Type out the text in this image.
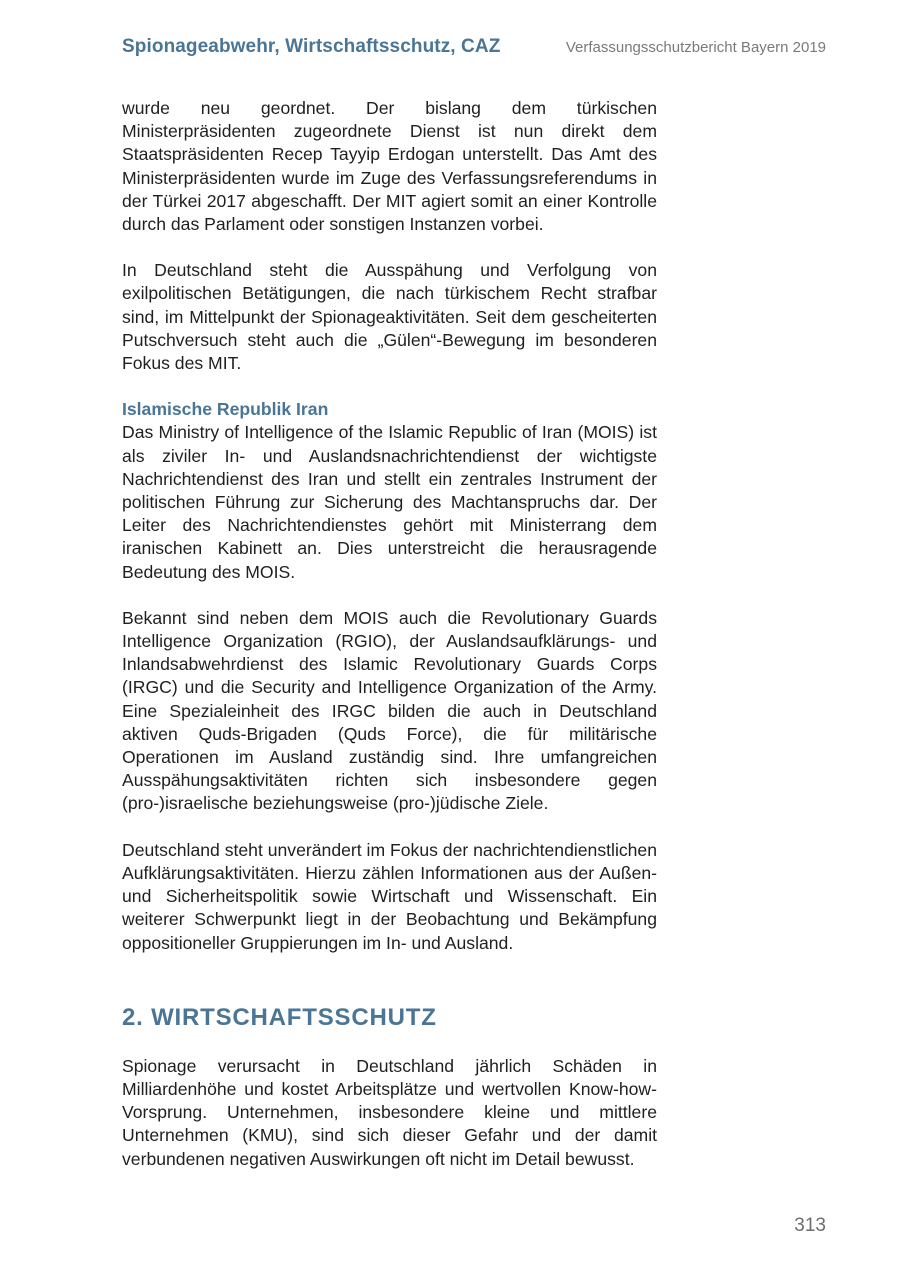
Spionageabwehr, Wirtschaftsschutz, CAZ	Verfassungsschutzbericht Bayern 2019

wurde neu geordnet. Der bislang dem türkischen Ministerpräsidenten zugeordnete Dienst ist nun direkt dem Staatspräsidenten Recep Tayyip Erdogan unterstellt. Das Amt des Ministerpräsidenten wurde im Zuge des Verfassungsreferendums in der Türkei 2017 abgeschafft. Der MIT agiert somit an einer Kontrolle durch das Parlament oder sonstigen Instanzen vorbei.

In Deutschland steht die Ausspähung und Verfolgung von exilpolitischen Betätigungen, die nach türkischem Recht strafbar sind, im Mittelpunkt der Spionageaktivitäten. Seit dem gescheiterten Putschversuch steht auch die „Gülen“-Bewegung im besonderen Fokus des MIT.

Islamische Republik Iran

Das Ministry of Intelligence of the Islamic Republic of Iran (MOIS) ist als ziviler In- und Auslandsnachrichtendienst der wichtigste Nachrichtendienst des Iran und stellt ein zentrales Instrument der politischen Führung zur Sicherung des Machtanspruchs dar. Der Leiter des Nachrichtendienstes gehört mit Ministerrang dem iranischen Kabinett an. Dies unterstreicht die herausragende Bedeutung des MOIS.

Bekannt sind neben dem MOIS auch die Revolutionary Guards Intelligence Organization (RGIO), der Auslandsaufklärungs- und Inlandsabwehrdienst des Islamic Revolutionary Guards Corps (IRGC) und die Security and Intelligence Organization of the Army. Eine Spezialeinheit des IRGC bilden die auch in Deutschland aktiven Quds-Brigaden (Quds Force), die für militärische Operationen im Ausland zuständig sind. Ihre umfangreichen Ausspähungsaktivitäten richten sich insbesondere gegen (pro-)israelische beziehungsweise (pro-)jüdische Ziele.

Deutschland steht unverändert im Fokus der nachrichtendienstlichen Aufklärungsaktivitäten. Hierzu zählen Informationen aus der Außen- und Sicherheitspolitik sowie Wirtschaft und Wissenschaft. Ein weiterer Schwerpunkt liegt in der Beobachtung und Bekämpfung oppositioneller Gruppierungen im In- und Ausland.

2. WIRTSCHAFTSSCHUTZ

Spionage verursacht in Deutschland jährlich Schäden in Milliardenhöhe und kostet Arbeitsplätze und wertvollen Know-how-Vorsprung. Unternehmen, insbesondere kleine und mittlere Unternehmen (KMU), sind sich dieser Gefahr und der damit verbundenen negativen Auswirkungen oft nicht im Detail bewusst.

313
